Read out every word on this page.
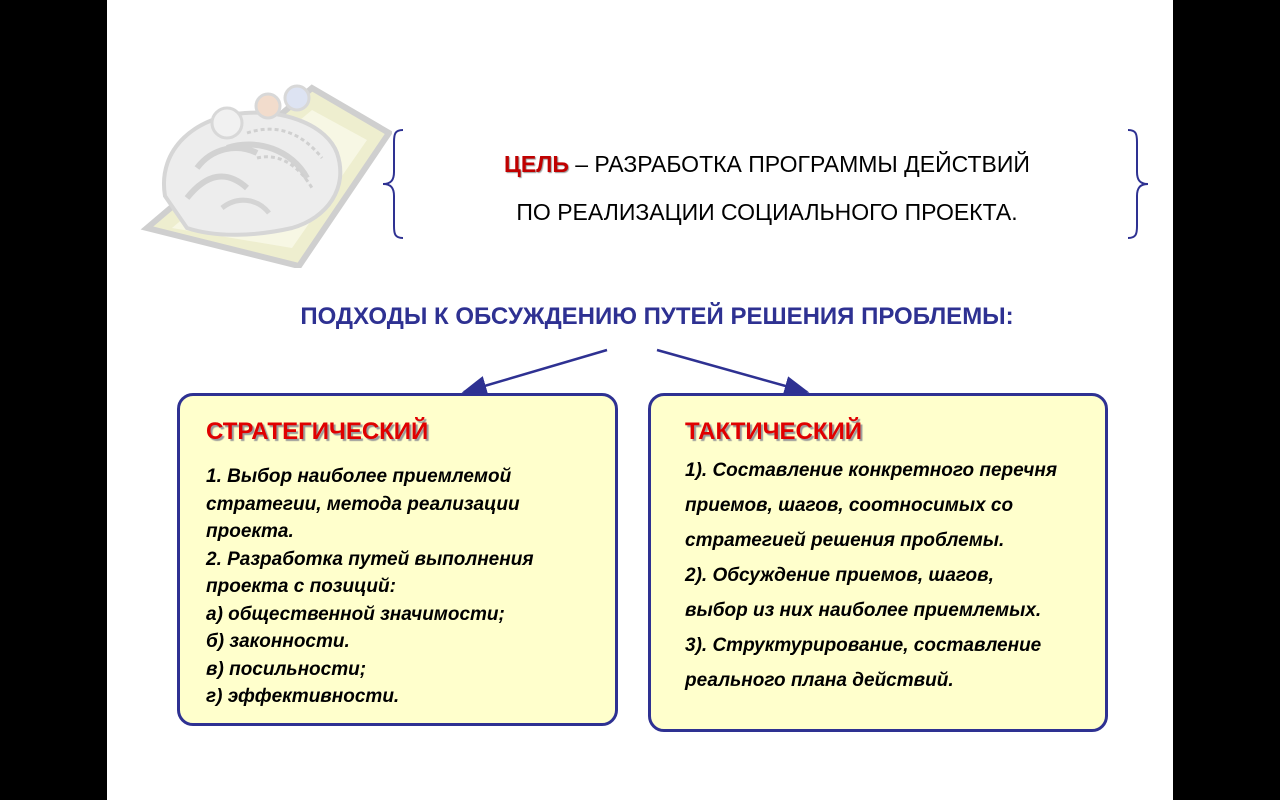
ЦЕЛЬ – РАЗРАБОТКА ПРОГРАММЫ ДЕЙСТВИЙ
ПО РЕАЛИЗАЦИИ СОЦИАЛЬНОГО ПРОЕКТА.
ПОДХОДЫ К ОБСУЖДЕНИЮ ПУТЕЙ РЕШЕНИЯ ПРОБЛЕМЫ:
СТРАТЕГИЧЕСКИЙ
1. Выбор наиболее приемлемой
стратегии, метода реализации
проекта.
2. Разработка путей выполнения
проекта с позиций:
а) общественной значимости;
б) законности.
в) посильности;
г) эффективности.
ТАКТИЧЕСКИЙ
1). Составление конкретного перечня
приемов, шагов, соотносимых со
стратегией решения проблемы.
2). Обсуждение приемов, шагов,
выбор из них наиболее приемлемых.
3). Структурирование, составление
реального плана действий.
